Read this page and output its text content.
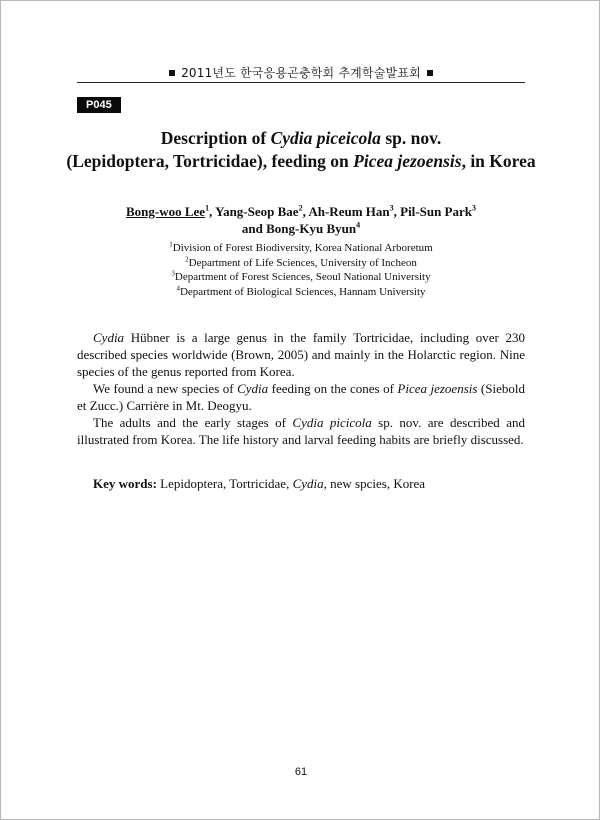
2011년도 한국응용곤충학회 추계학술발표회
P045
Description of Cydia piceicola sp. nov.
(Lepidoptera, Tortricidae), feeding on Picea jezoensis, in Korea
Bong-woo Lee$^1$, Yang-Seop Bae$^2$, Ah-Reum Han$^3$, Pil-Sun Park$^3$
and Bong-Kyu Byun$^4$
$^1$Division of Forest Biodiversity, Korea National Arboretum
$^2$Department of Life Sciences, University of Incheon
$^3$Department of Forest Sciences, Seoul National University
$^4$Department of Biological Sciences, Hannam University

Cydia Hübner is a large genus in the family Tortricidae, including over 230 described species worldwide (Brown, 2005) and mainly in the Holarctic region. Nine species of the genus reported from Korea.

We found a new species of Cydia feeding on the cones of Picea jezoensis (Siebold et Zucc.) Carrière in Mt. Deogyu.

The adults and the early stages of Cydia picicola sp. nov. are described and illustrated from Korea. The life history and larval feeding habits are briefly discussed.

Key words: Lepidoptera, Tortricidae, Cydia, new spcies, Korea
61
